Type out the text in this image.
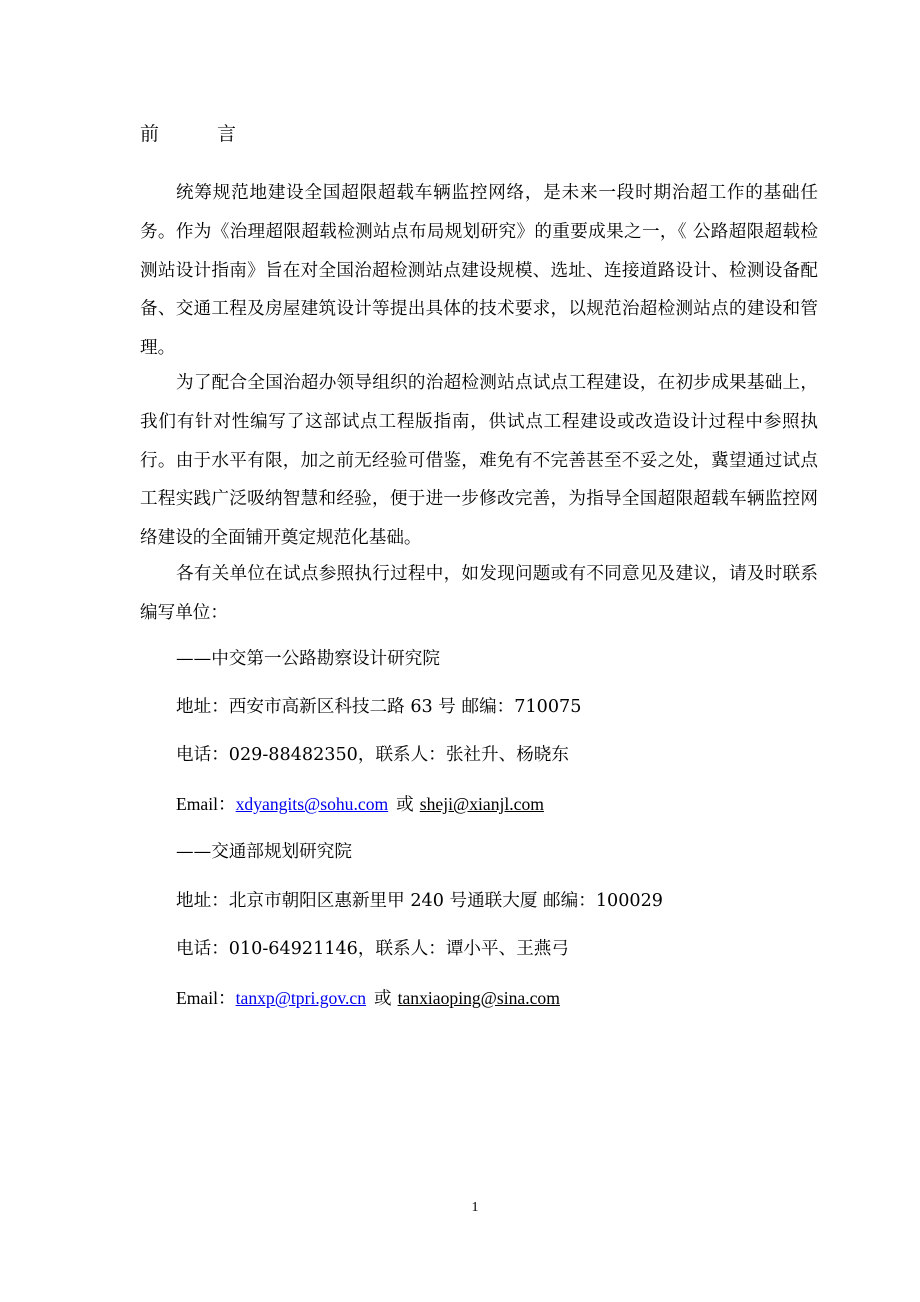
前 言

统筹规范地建设全国超限超载车辆监控网络，是未来一段时期治超工作的基础任务。作为《治理超限超载检测站点布局规划研究》的重要成果之一，《 公路超限超载检测站设计指南》旨在对全国治超检测站点建设规模、选址、连接道路设计、检测设备配备、交通工程及房屋建筑设计等提出具体的技术要求，以规范治超检测站点的建设和管理。

为了配合全国治超办领导组织的治超检测站点试点工程建设，在初步成果基础上，我们有针对性编写了这部试点工程版指南，供试点工程建设或改造设计过程中参照执行。由于水平有限，加之前无经验可借鉴，难免有不完善甚至不妥之处，冀望通过试点工程实践广泛吸纳智慧和经验，便于进一步修改完善，为指导全国超限超载车辆监控网络建设的全面铺开奠定规范化基础。

各有关单位在试点参照执行过程中，如发现问题或有不同意见及建议，请及时联系编写单位：

——中交第一公路勘察设计研究院
地址：西安市高新区科技二路 63 号 邮编：710075
电话：029-88482350，联系人：张社升、杨晓东
Email：xdyangits@sohu.com 或 sheji@xianjl.com
——交通部规划研究院
地址：北京市朝阳区惠新里甲 240 号通联大厦 邮编：100029
电话：010-64921146，联系人：谭小平、王燕弓
Email：tanxp@tpri.gov.cn 或 tanxiaoping@sina.com
1
